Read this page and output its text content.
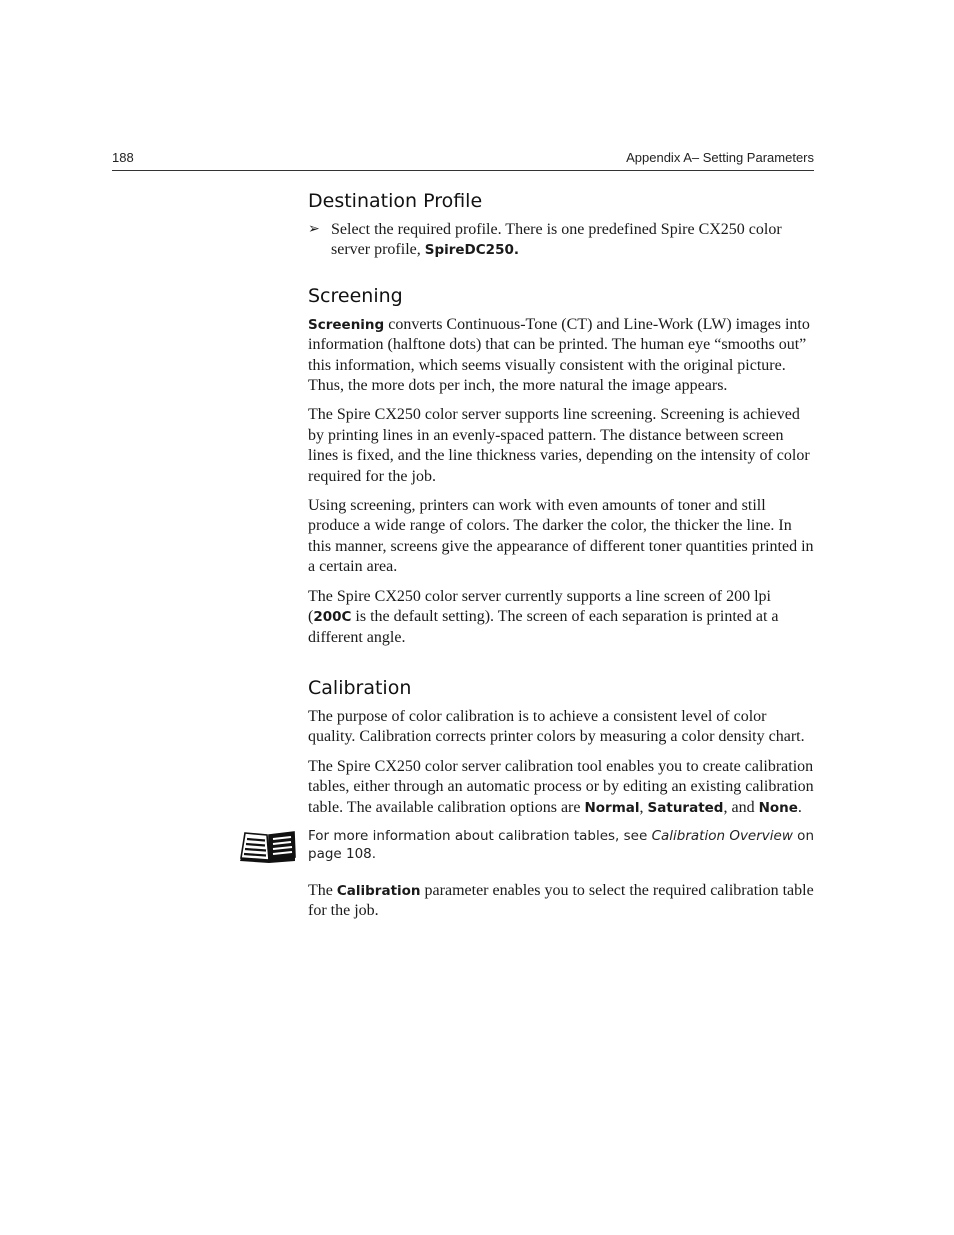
188	Appendix A– Setting Parameters
Destination Profile
➢ Select the required profile. There is one predefined Spire CX250 color server profile, SpireDC250.
Screening

Screening converts Continuous-Tone (CT) and Line-Work (LW) images into information (halftone dots) that can be printed. The human eye “smooths out” this information, which seems visually consistent with the original picture. Thus, the more dots per inch, the more natural the image appears.

The Spire CX250 color server supports line screening. Screening is achieved by printing lines in an evenly-spaced pattern. The distance between screen lines is fixed, and the line thickness varies, depending on the intensity of color required for the job.

Using screening, printers can work with even amounts of toner and still produce a wide range of colors. The darker the color, the thicker the line. In this manner, screens give the appearance of different toner quantities printed in a certain area.

The Spire CX250 color server currently supports a line screen of 200 lpi (200C is the default setting). The screen of each separation is printed at a different angle.

Calibration

The purpose of color calibration is to achieve a consistent level of color quality. Calibration corrects printer colors by measuring a color density chart.

The Spire CX250 color server calibration tool enables you to create calibration tables, either through an automatic process or by editing an existing calibration table. The available calibration options are Normal, Saturated, and None.

For more information about calibration tables, see Calibration Overview on page 108.

The Calibration parameter enables you to select the required calibration table for the job.
